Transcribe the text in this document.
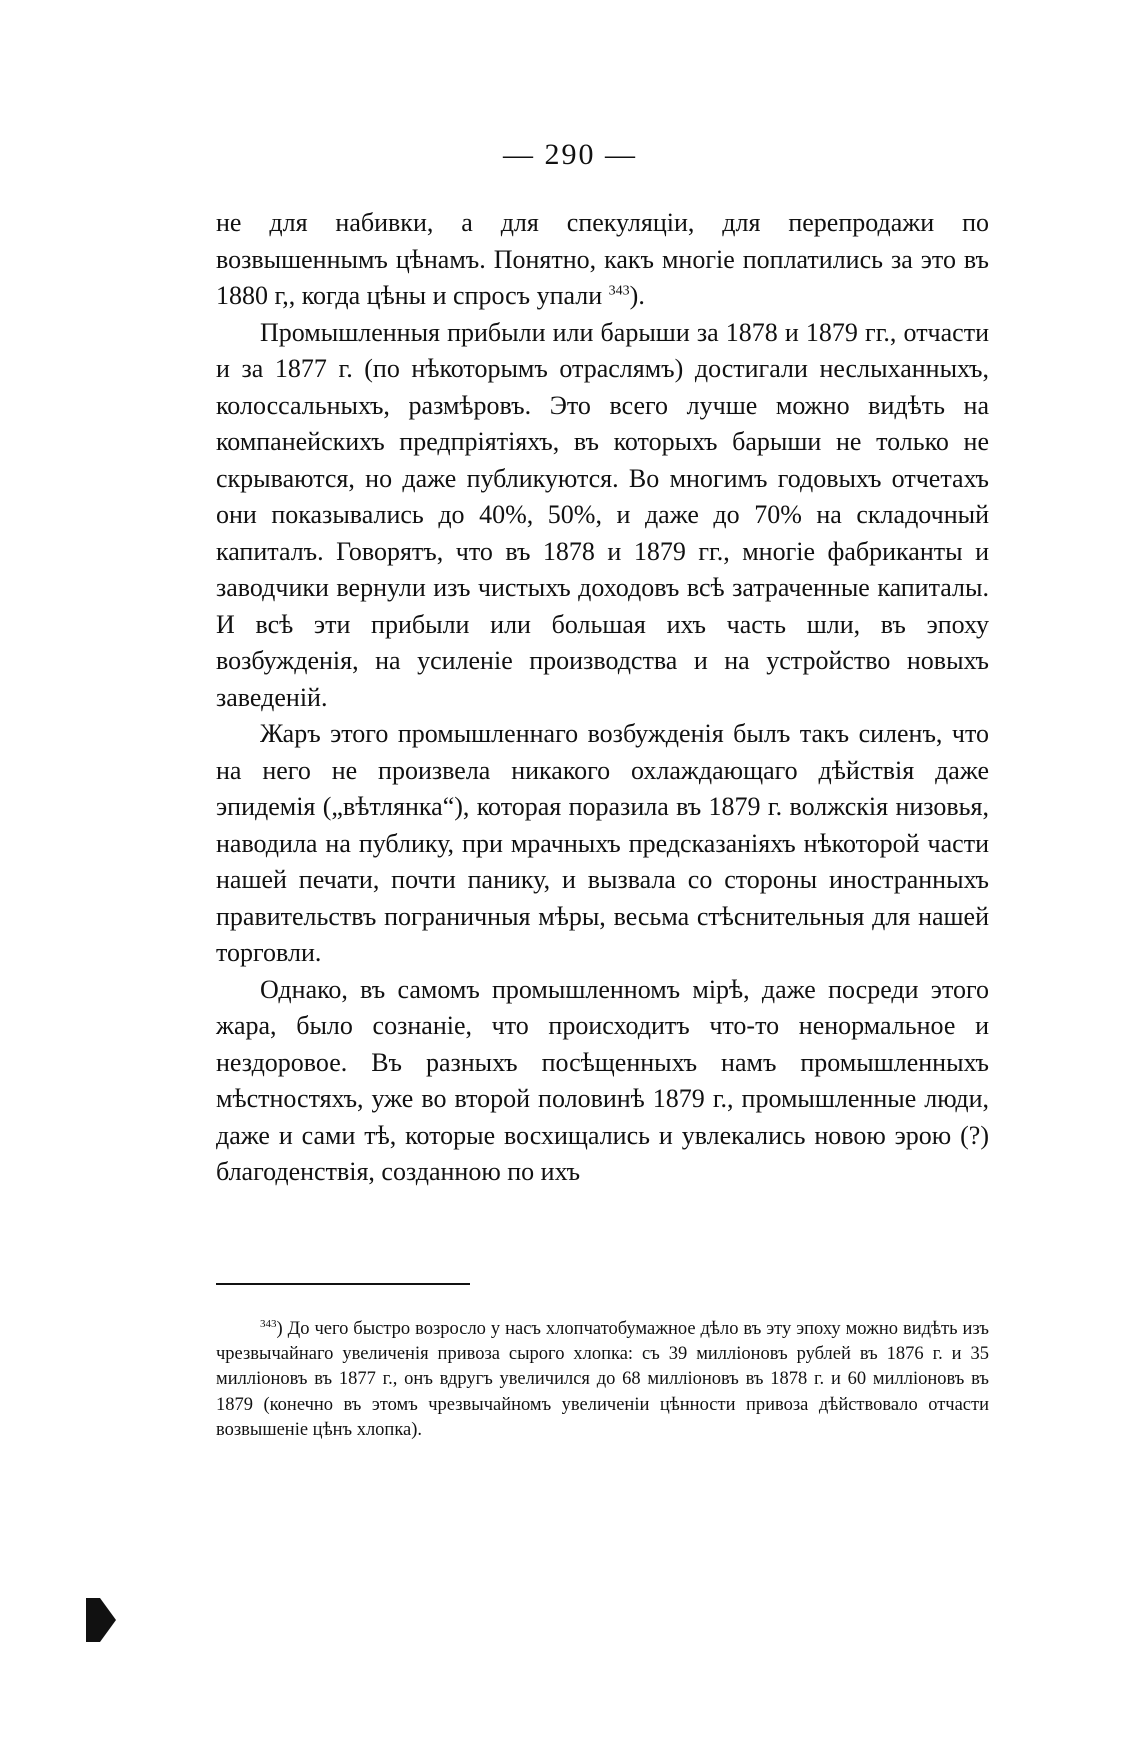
— 290 —

не для набивки, а для спекуляціи, для перепродажи по возвышеннымъ цѣнамъ. Понятно, какъ многіе поплатились за это въ 1880 г,, когда цѣны и спросъ упали $^{343}$).

Промышленныя прибыли или барыши за 1878 и 1879 гг., отчасти и за 1877 г. (по нѣкоторымъ отраслямъ) достигали неслыханныхъ, колоссальныхъ, размѣровъ. Это всего лучше можно видѣть на компанейскихъ предпріятіяхъ, въ которыхъ барыши не только не скрываются, но даже публикуются. Во многимъ годовыхъ отчетахъ они показывались до 40%, 50%, и даже до 70% на складочный капиталъ. Говорятъ, что въ 1878 и 1879 гг., многіе фабриканты и заводчики вернули изъ чистыхъ доходовъ всѣ затраченные капиталы. И всѣ эти прибыли или большая ихъ часть шли, въ эпоху возбужденія, на усиленіе производства и на устройство новыхъ заведеній.

Жаръ этого промышленнаго возбужденія былъ такъ силенъ, что на него не произвела никакого охлаждающаго дѣйствія даже эпидемія („вѣтлянка“), которая поразила въ 1879 г. волжскія низовья, наводила на публику, при мрачныхъ предсказаніяхъ нѣкоторой части нашей печати, почти панику, и вызвала со стороны иностранныхъ правительствъ пограничныя мѣры, весьма стѣснительныя для нашей торговли.

Однако, въ самомъ промышленномъ мірѣ, даже посреди этого жара, было сознаніе, что происходитъ что-то ненормальное и нездоровое. Въ разныхъ посѣщенныхъ намъ промышленныхъ мѣстностяхъ, уже во второй половинѣ 1879 г., промышленные люди, даже и сами тѣ, которые восхищались и увлекались новою эрою (?) благоденствія, созданною по ихъ

$^{343}$) До чего быстро возросло у насъ хлопчатобумажное дѣло въ эту эпоху можно видѣть изъ чрезвычайнаго увеличенія привоза сырого хлопка: съ 39 милліоновъ рублей въ 1876 г. и 35 милліоновъ въ 1877 г., онъ вдругъ увеличился до 68 милліоновъ въ 1878 г. и 60 милліоновъ въ 1879 (конечно въ этомъ чрезвычайномъ увеличеніи цѣнности привоза дѣйствовало отчасти возвышеніе цѣнъ хлопка).
